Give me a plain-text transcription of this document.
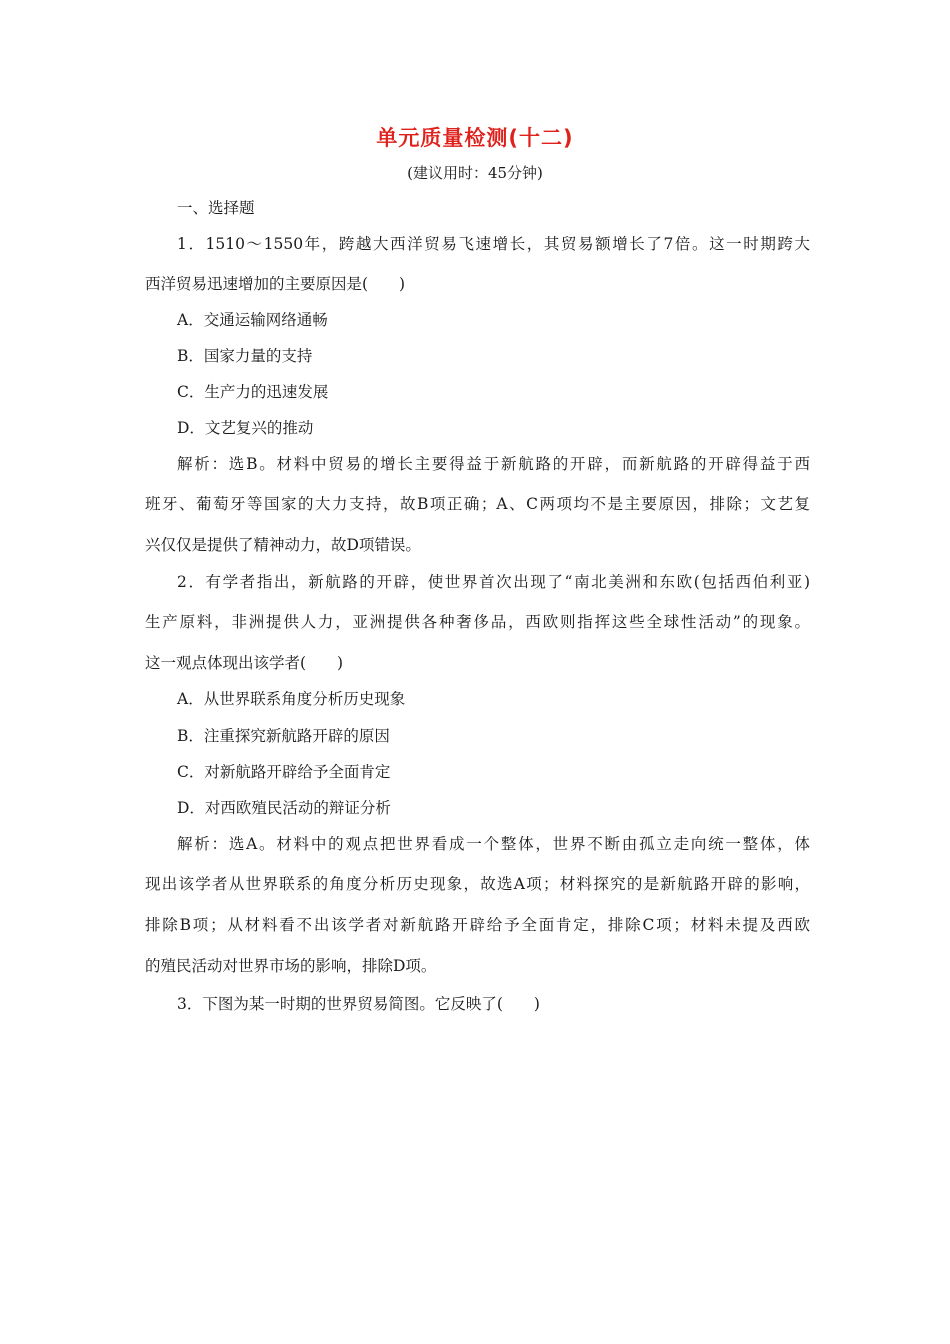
单元质量检测(十二)
(建议用时：45分钟)
一、选择题
1．1510～1550年，跨越大西洋贸易飞速增长，其贸易额增长了7倍。这一时期跨大
西洋贸易迅速增加的主要原因是(　　)
A．交通运输网络通畅
B．国家力量的支持
C．生产力的迅速发展
D．文艺复兴的推动
解析：选B。材料中贸易的增长主要得益于新航路的开辟，而新航路的开辟得益于西
班牙、葡萄牙等国家的大力支持，故B项正确；A、C两项均不是主要原因，排除；文艺复
兴仅仅是提供了精神动力，故D项错误。
2．有学者指出，新航路的开辟，使世界首次出现了“南北美洲和东欧(包括西伯利亚)
生产原料，非洲提供人力，亚洲提供各种奢侈品，西欧则指挥这些全球性活动”的现象。
这一观点体现出该学者(　　)
A．从世界联系角度分析历史现象
B．注重探究新航路开辟的原因
C．对新航路开辟给予全面肯定
D．对西欧殖民活动的辩证分析
解析：选A。材料中的观点把世界看成一个整体，世界不断由孤立走向统一整体，体
现出该学者从世界联系的角度分析历史现象，故选A项；材料探究的是新航路开辟的影响，
排除B项；从材料看不出该学者对新航路开辟给予全面肯定，排除C项；材料未提及西欧
的殖民活动对世界市场的影响，排除D项。
3．下图为某一时期的世界贸易简图。它反映了(　　)
